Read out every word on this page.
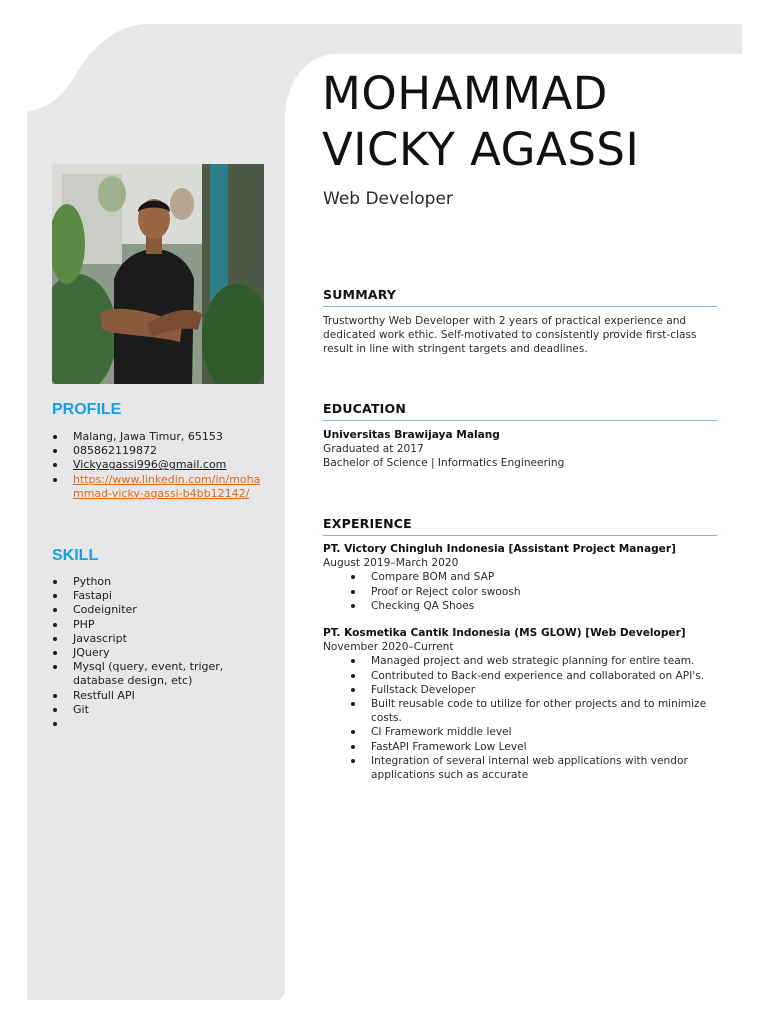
PROFILE
Malang, Jawa Timur, 65153
085862119872
Vickyagassi996@gmail.com
https://www.linkedin.com/in/mohammad-vicky-agassi-b4bb12142/
SKILL
Python
Fastapi
Codeigniter
PHP
Javascript
JQuery
Mysql (query, event, triger, database design, etc)
Restfull API
Git
MOHAMMAD
VICKY AGASSI

Web Developer

SUMMARY

Trustworthy Web Developer with 2 years of practical experience and dedicated work ethic. Self-motivated to consistently provide first-class result in line with stringent targets and deadlines.

EDUCATION
Universitas Brawijaya Malang
Graduated at 2017
Bachelor of Science | Informatics Engineering
EXPERIENCE
PT. Victory Chingluh Indonesia [Assistant Project Manager]
August 2019–March 2020
Compare BOM and SAP
Proof or Reject color swoosh
Checking QA Shoes
PT. Kosmetika Cantik Indonesia (MS GLOW) [Web Developer]
November 2020–Current
Managed project and web strategic planning for entire team.
Contributed to Back-end experience and collaborated on API's.
Fullstack Developer
Built reusable code to utilize for other projects and to minimize costs.
CI Framework middle level
FastAPI Framework Low Level
Integration of several internal web applications with vendor applications such as accurate
